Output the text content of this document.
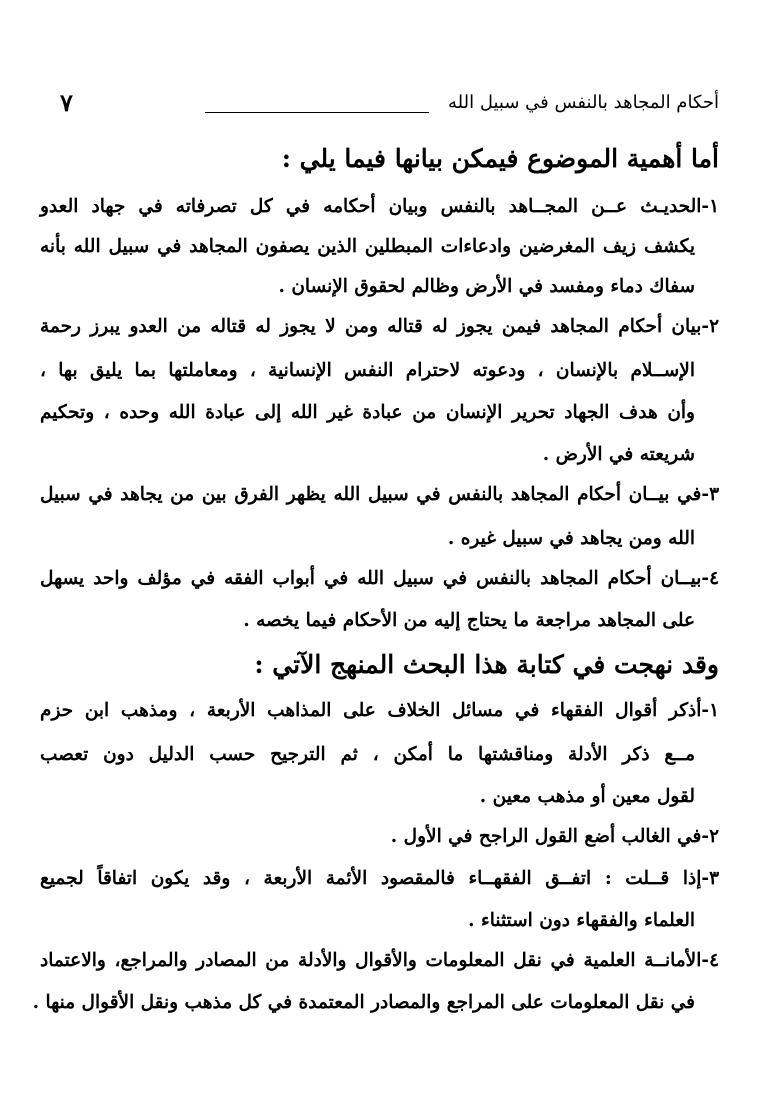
أحكام المجاهد بالنفس في سبيل الله
٧
أما أهمية الموضوع فيمكن بيانها فيما يلي :
١-الحديـث عــن المجــاهد بالنفس وبيان أحكامه في كل تصرفاته في جهاد العدو
يكشف زيف المغرضين وادعاءات المبطلين الذين يصفون المجاهد في سبيل الله بأنه
سفاك دماء ومفسد في الأرض وظالم لحقوق الإنسان .
٢-بيان أحكام المجاهد فيمن يجوز له قتاله ومن لا يجوز له قتاله من العدو يبرز رحمة
الإســلام بالإنسان ، ودعوته لاحترام النفس الإنسانية ، ومعاملتها بما يليق بها ،
وأن هدف الجهاد تحرير الإنسان من عبادة غير الله إلى عبادة الله وحده ، وتحكيم
شريعته في الأرض .
٣-في بيــان أحكام المجاهد بالنفس في سبيل الله يظهر الفرق بين من يجاهد في سبيل
الله ومن يجاهد في سبيل غيره .
٤-بيــان أحكام المجاهد بالنفس في سبيل الله في أبواب الفقه في مؤلف واحد يسهل
على المجاهد مراجعة ما يحتاج إليه من الأحكام فيما يخصه .
وقد نهجت في كتابة هذا البحث المنهج الآتي :
١-أذكر أقوال الفقهاء في مسائل الخلاف على المذاهب الأربعة ، ومذهب ابن حزم
مــع ذكر الأدلة ومناقشتها ما أمكن ، ثم الترجيح حسب الدليل دون تعصب
لقول معين أو مذهب معين .
٢-في الغالب أضع القول الراجح في الأول .
٣-إذا قــلت : اتفــق الفقهــاء فالمقصود الأئمة الأربعة ، وقد يكون اتفاقاً لجميع
العلماء والفقهاء دون استثناء .
٤-الأمانــة العلمية في نقل المعلومات والأقوال والأدلة من المصادر والمراجع، والاعتماد
في نقل المعلومات على المراجع والمصادر المعتمدة في كل مذهب ونقل الأقوال منها .
